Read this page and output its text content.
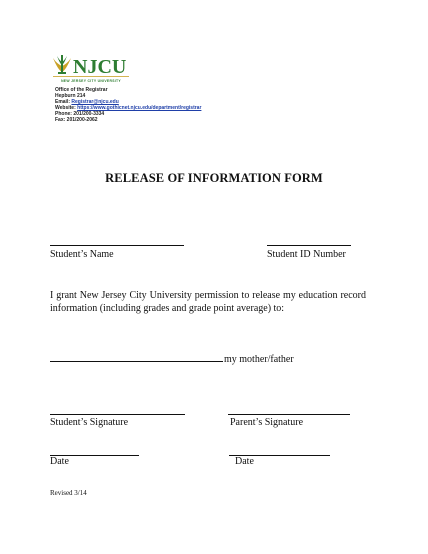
NJCU
NEW JERSEY CITY UNIVERSITY
Office of the Registrar
Hepburn 214
Email: Registrar@njcu.edu
Website: https://www.gothicnet.njcu.edu/department/registrar
Phone: 201/200-3334
Fax: 201/200-2062
RELEASE OF INFORMATION FORM
Student’s Name	Student ID Number
I grant New Jersey City University permission to release my education record information (including grades and grade point average) to:
my mother/father
Student’s Signature	Parent’s Signature
Date	Date
Revised 3/14
